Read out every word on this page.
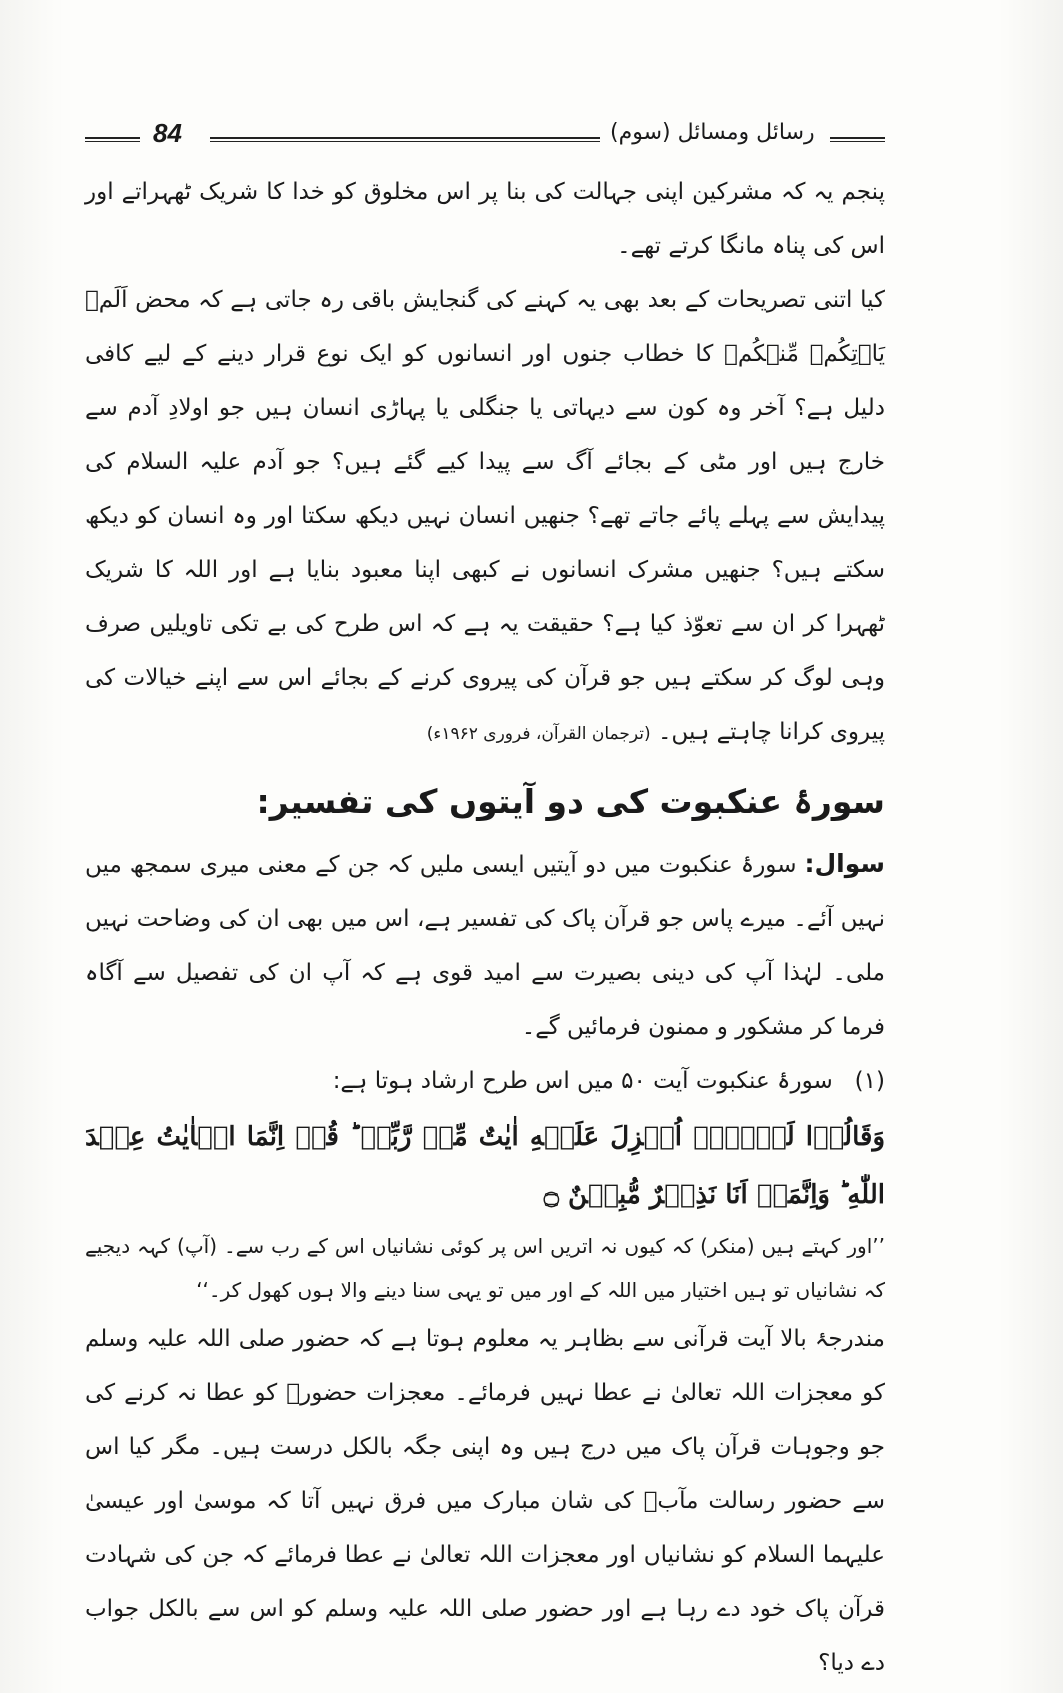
84	رسائل ومسائل (سوم)

پنجم یہ کہ مشرکین اپنی جہالت کی بنا پر اس مخلوق کو خدا کا شریک ٹھہراتے اور اس کی پناہ مانگا کرتے تھے۔

کیا اتنی تصریحات کے بعد بھی یہ کہنے کی گنجایش باقی رہ جاتی ہے کہ محض اَلَمۡ یَاۡتِکُمۡ مِّنۡکُمۡ کا خطاب جنوں اور انسانوں کو ایک نوع قرار دینے کے لیے کافی دلیل ہے؟ آخر وہ کون سے دیہاتی یا جنگلی یا پہاڑی انسان ہیں جو اولادِ آدم سے خارج ہیں اور مٹی کے بجائے آگ سے پیدا کیے گئے ہیں؟ جو آدم علیہ السلام کی پیدایش سے پہلے پائے جاتے تھے؟ جنھیں انسان نہیں دیکھ سکتا اور وہ انسان کو دیکھ سکتے ہیں؟ جنھیں مشرک انسانوں نے کبھی اپنا معبود بنایا ہے اور اللہ کا شریک ٹھہرا کر ان سے تعوّذ کیا ہے؟ حقیقت یہ ہے کہ اس طرح کی بے تکی تاویلیں صرف وہی لوگ کر سکتے ہیں جو قرآن کی پیروی کرنے کے بجائے اس سے اپنے خیالات کی پیروی کرانا چاہتے ہیں۔ (ترجمان القرآن، فروری ۱۹۶۲ء)

سورۂ عنکبوت کی دو آیتوں کی تفسیر:

سوال: سورۂ عنکبوت میں دو آیتیں ایسی ملیں کہ جن کے معنی میری سمجھ میں نہیں آئے۔ میرے پاس جو قرآن پاک کی تفسیر ہے، اس میں بھی ان کی وضاحت نہیں ملی۔ لہٰذا آپ کی دینی بصیرت سے امید قوی ہے کہ آپ ان کی تفصیل سے آگاہ فرما کر مشکور و ممنون فرمائیں گے۔

(۱)   سورۂ عنکبوت آیت ۵۰ میں اس طرح ارشاد ہوتا ہے:

وَقَالُوۡا لَوۡلَاۤ اُنۡزِلَ عَلَيۡهِ اٰيٰتٌ مِّنۡ رَّبِّهٖ ؕ قُلۡ اِنَّمَا الۡاٰيٰتُ عِنۡدَ اللّٰهِ ؕ وَاِنَّمَاۤ اَنَا نَذِيۡرٌ مُّبِيۡنٌ ۝

’’اور کہتے ہیں (منکر) کہ کیوں نہ اتریں اس پر کوئی نشانیاں اس کے رب سے۔ (آپ) کہہ دیجیے کہ نشانیاں تو ہیں اختیار میں اللہ کے اور میں تو یہی سنا دینے والا ہوں کھول کر۔‘‘

مندرجۂ بالا آیت قرآنی سے بظاہر یہ معلوم ہوتا ہے کہ حضور صلی اللہ علیہ وسلم کو معجزات اللہ تعالیٰ نے عطا نہیں فرمائے۔ معجزات حضورؐ کو عطا نہ کرنے کی جو وجوہات قرآن پاک میں درج ہیں وہ اپنی جگہ بالکل درست ہیں۔ مگر کیا اس سے حضور رسالت مآبؐ کی شان مبارک میں فرق نہیں آتا کہ موسیٰ اور عیسیٰ علیہما السلام کو نشانیاں اور معجزات اللہ تعالیٰ نے عطا فرمائے کہ جن کی شہادت قرآن پاک خود دے رہا ہے اور حضور صلی اللہ علیہ وسلم کو اس سے بالکل جواب دے دیا؟
